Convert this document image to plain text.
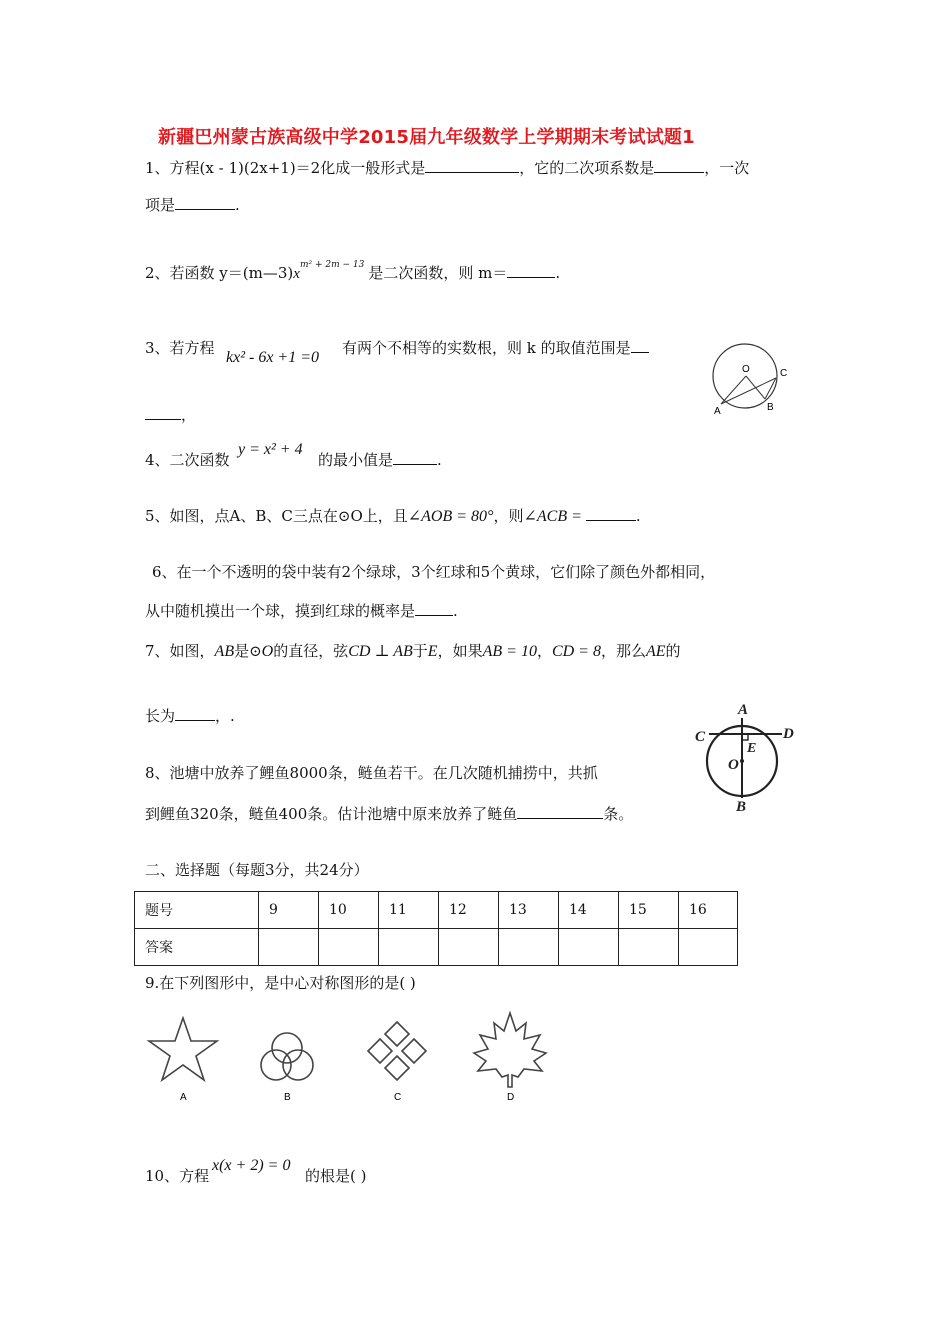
新疆巴州蒙古族高级中学2015届九年级数学上学期期末考试试题1
1、方程(x - 1)(2x+1)＝2化成一般形式是	，它的二次项系数是	，一次
项是	.
2、若函数 $y=(m—3)x^{m^2 + 2m - 13}$ 是二次函数，则 m＝	.
3、若方程
kx² - 6x +1 =0
有两个不相等的实数根，则 k 的取值范围是
，
O
A	B
C
4、二次函数
y = x² + 4
的最小值是	.
5、如图，点A、B、C三点在⊙O上，且∠AOB = 80°，则∠ACB =	.
6、在一个不透明的袋中装有2个绿球，3个红球和5个黄球，它们除了颜色外都相同，
从中随机摸出一个球，摸到红球的概率是	.
7、如图，AB是⊙O的直径，弦CD ⊥ AB于E，如果AB = 10，CD = 8，那么AE的
长为	，.	A
B
C	D
E
O
8、池塘中放养了鲤鱼8000条，鲢鱼若干。在几次随机捕捞中，共抓
到鲤鱼320条，鲢鱼400条。估计池塘中原来放养了鲢鱼	条。
二、选择题（每题3分，共24分）
题号	9	10	11	12	13	14	15	16
答案								
9.在下列图形中，是中心对称图形的是( )
A	B	C	D
10、方程
x(x + 2) = 0
的根是( )
